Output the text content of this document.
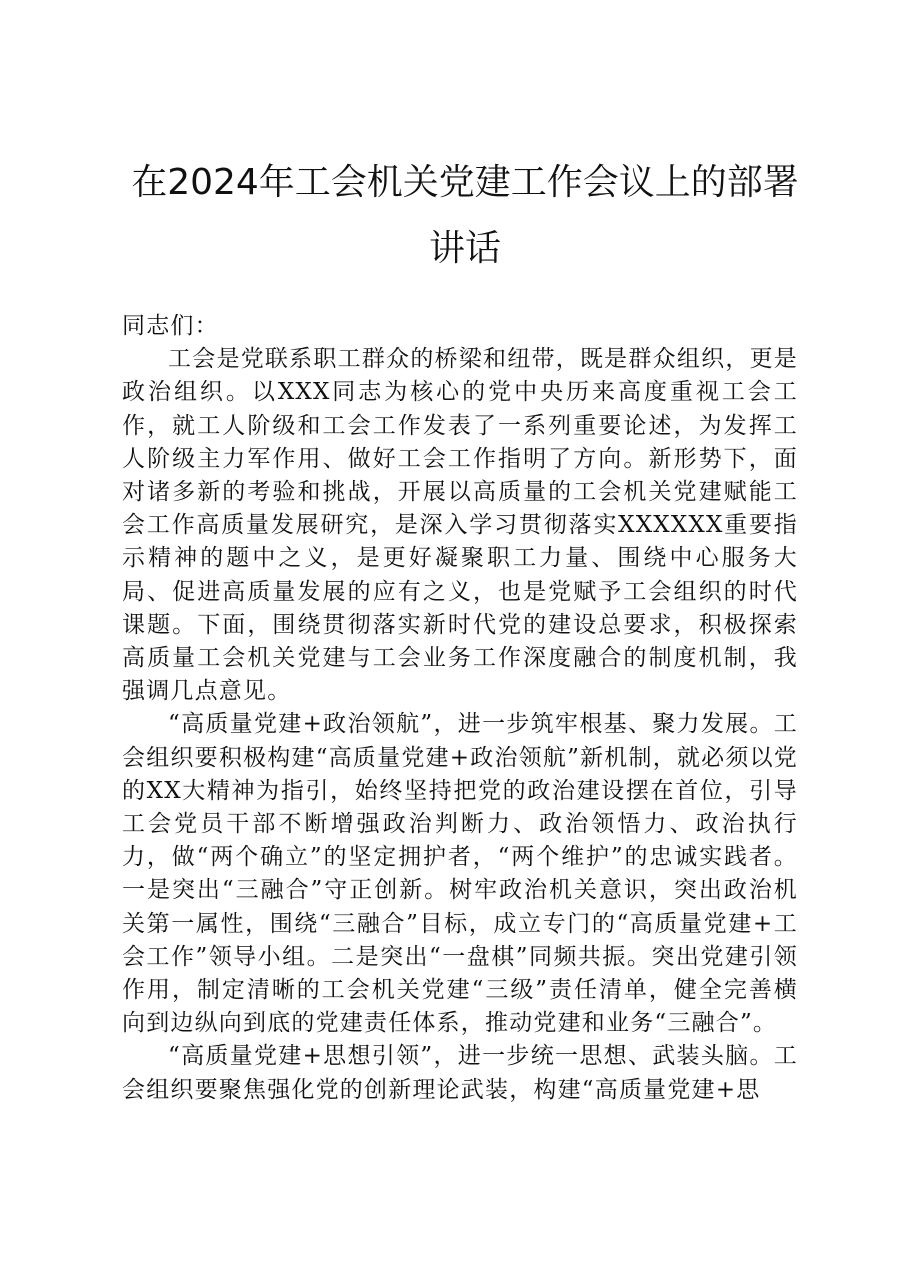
在2024年工会机关党建工作会议上的部署讲话

同志们：

工会是党联系职工群众的桥梁和纽带，既是群众组织，更是政治组织。以XXX同志为核心的党中央历来高度重视工会工作，就工人阶级和工会工作发表了一系列重要论述，为发挥工人阶级主力军作用、做好工会工作指明了方向。新形势下，面对诸多新的考验和挑战，开展以高质量的工会机关党建赋能工会工作高质量发展研究，是深入学习贯彻落实XXXXXX重要指示精神的题中之义，是更好凝聚职工力量、围绕中心服务大局、促进高质量发展的应有之义，也是党赋予工会组织的时代课题。下面，围绕贯彻落实新时代党的建设总要求，积极探索高质量工会机关党建与工会业务工作深度融合的制度机制，我强调几点意见。

“高质量党建+政治领航”，进一步筑牢根基、聚力发展。工会组织要积极构建“高质量党建+政治领航”新机制，就必须以党的XX大精神为指引，始终坚持把党的政治建设摆在首位，引导工会党员干部不断增强政治判断力、政治领悟力、政治执行力，做“两个确立”的坚定拥护者，“两个维护”的忠诚实践者。一是突出“三融合”守正创新。树牢政治机关意识，突出政治机关第一属性，围绕“三融合”目标，成立专门的“高质量党建+工会工作”领导小组。二是突出“一盘棋”同频共振。突出党建引领作用，制定清晰的工会机关党建“三级”责任清单，健全完善横向到边纵向到底的党建责任体系，推动党建和业务“三融合”。

“高质量党建+思想引领”，进一步统一思想、武装头脑。工会组织要聚焦强化党的创新理论武装，构建“高质量党建+思
